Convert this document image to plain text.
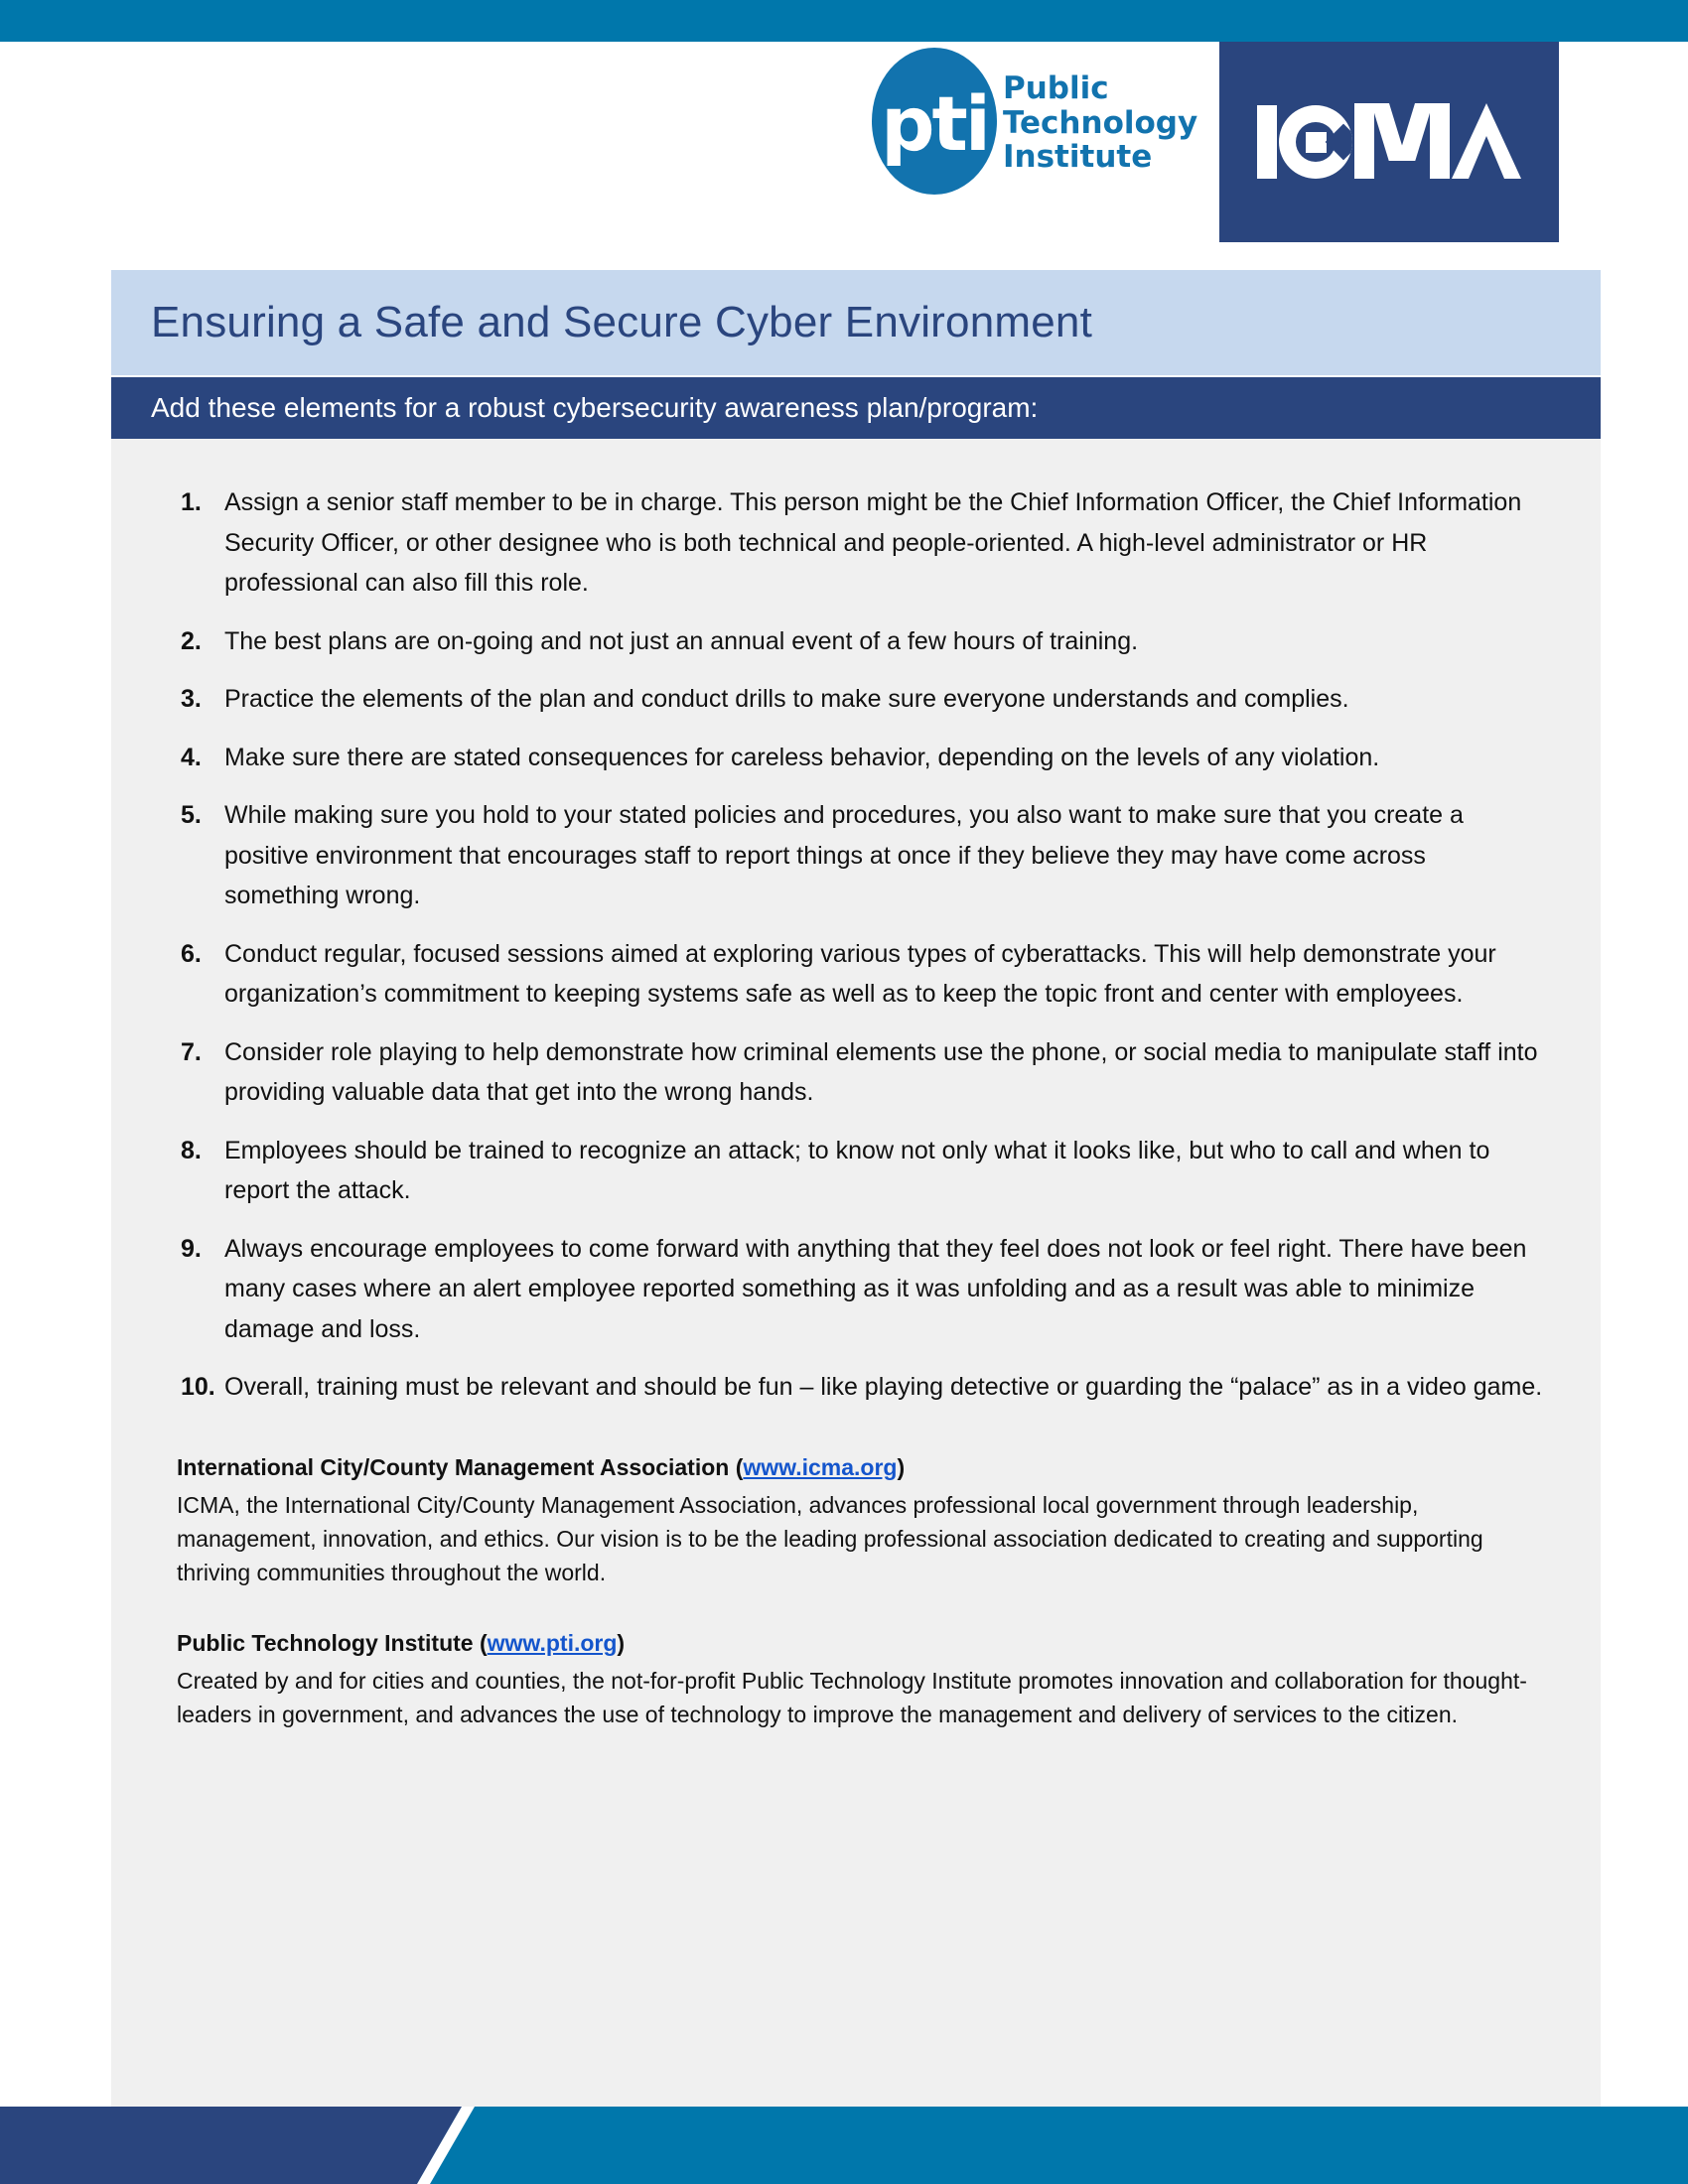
pti Public
Technology
Institute
Ensuring a Safe and Secure Cyber Environment
Add these elements for a robust cybersecurity awareness plan/program:
1. Assign a senior staff member to be in charge. This person might be the Chief Information Officer, the Chief Information Security Officer, or other designee who is both technical and people-oriented. A high-level administrator or HR professional can also fill this role.
2. The best plans are on-going and not just an annual event of a few hours of training.
3. Practice the elements of the plan and conduct drills to make sure everyone understands and complies.
4. Make sure there are stated consequences for careless behavior, depending on the levels of any violation.
5. While making sure you hold to your stated policies and procedures, you also want to make sure that you create a positive environment that encourages staff to report things at once if they believe they may have come across something wrong.
6. Conduct regular, focused sessions aimed at exploring various types of cyberattacks. This will help demonstrate your organization’s commitment to keeping systems safe as well as to keep the topic front and center with employees.
7. Consider role playing to help demonstrate how criminal elements use the phone, or social media to manipulate staff into providing valuable data that get into the wrong hands.
8. Employees should be trained to recognize an attack; to know not only what it looks like, but who to call and when to report the attack.
9. Always encourage employees to come forward with anything that they feel does not look or feel right. There have been many cases where an alert employee reported something as it was unfolding and as a result was able to minimize damage and loss.
10. Overall, training must be relevant and should be fun – like playing detective or guarding the “palace” as in a video game.
International City/County Management Association (www.icma.org)

ICMA, the International City/County Management Association, advances professional local government through leadership, management, innovation, and ethics. Our vision is to be the leading professional association dedicated to creating and supporting thriving communities throughout the world.

Public Technology Institute (www.pti.org)

Created by and for cities and counties, the not-for-profit Public Technology Institute promotes innovation and collaboration for thought-leaders in government, and advances the use of technology to improve the management and delivery of services to the citizen.
